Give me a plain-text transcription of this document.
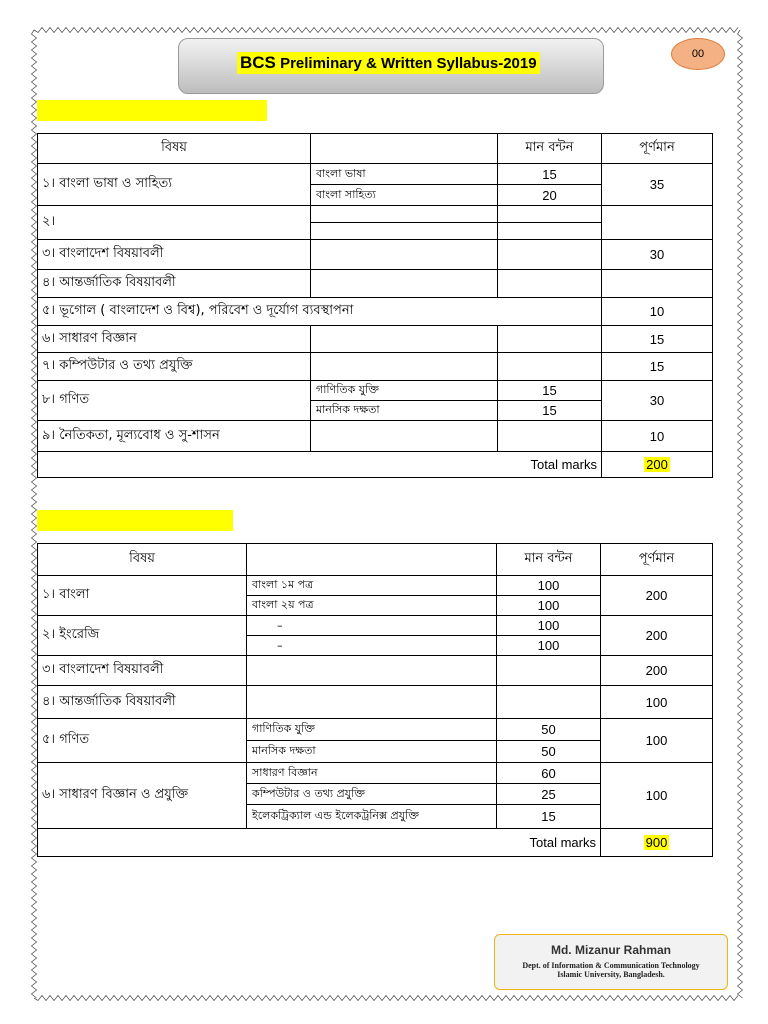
BCS Preliminary & Written Syllabus-2019
00
বিষয়		মান বন্টন	পূর্ণমান
১। বাংলা ভাষা ও সাহিত্য	বাংলা ভাষা	15	35
	বাংলা সাহিত্য	20	
২।			

৩। বাংলাদেশ বিষয়াবলী			30
৪। আন্তর্জাতিক বিষয়াবলী			
৫। ভূগোল ( বাংলাদেশ ও বিশ্ব), পরিবেশ ও দূর্যোগ ব্যবস্থাপনা			10
৬। সাধারণ বিজ্ঞান			15
৭। কম্পিউটার ও তথ্য প্রযুক্তি			15
৮। গণিত	গাণিতিক যুক্তি	15	30
	মানসিক দক্ষতা	15	
৯। নৈতিকতা, মূল্যবোধ ও সু-শাসন			10
Total marks			200
বিষয়		মান বন্টন	পূর্ণমান
১। বাংলা	বাংলা ১ম পত্র	100	200
	বাংলা ২য় পত্র	100	
২। ইংরেজি	–	100	200
	–	100	
৩। বাংলাদেশ বিষয়াবলী			200
৪। আন্তর্জাতিক বিষয়াবলী			100
৫। গণিত	গাণিতিক যুক্তি	50	100
	মানসিক দক্ষতা	50	
৬। সাধারণ বিজ্ঞান ও প্রযুক্তি	সাধারণ বিজ্ঞান	60	100
	কম্পিউটার ও তথ্য প্রযুক্তি	25	
	ইলেকট্রিক্যাল এন্ড ইলেকট্রনিক্স প্রযুক্তি	15	
Total marks			900
Md. Mizanur Rahman
Dept. of Information & Communication Technology
Islamic University, Bangladesh.
